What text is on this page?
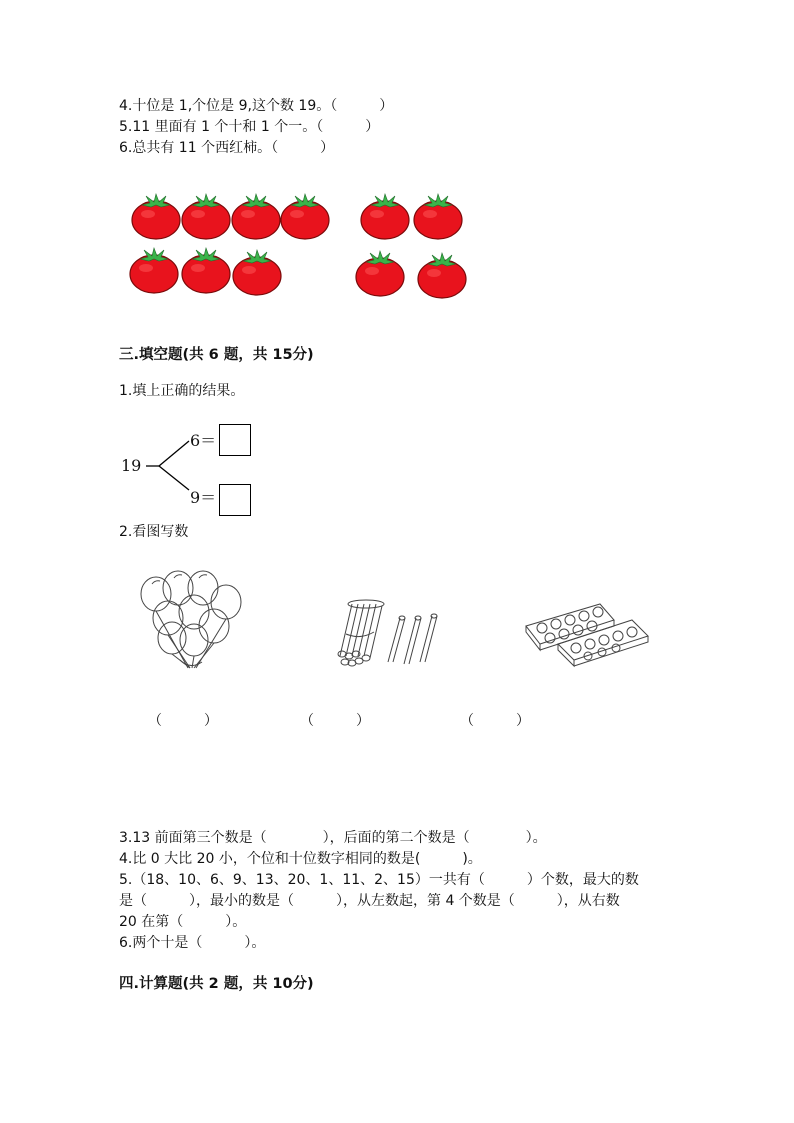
4.十位是 1,个位是 9,这个数 19。（　　　）
5.11 里面有 1 个十和 1 个一。（　　　）
6.总共有 11 个西红柿。（　　　）
三.填空题(共 6 题，共 15分)
1.填上正确的结果。
19
6＝
9＝
2.看图写数
（　　　）	（　　　）	（　　　）
3.13 前面第三个数是（　　　　），后面的第二个数是（　　　　）。
4.比 0 大比 20 小，个位和十位数字相同的数是(　　　)。
5.（18、10、6、9、13、20、1、11、2、15）一共有（　　　）个数，最大的数
是（　　　），最小的数是（　　　），从左数起，第 4 个数是（　　　），从右数
20 在第（　　　）。
6.两个十是（　　　）。
四.计算题(共 2 题，共 10分)
